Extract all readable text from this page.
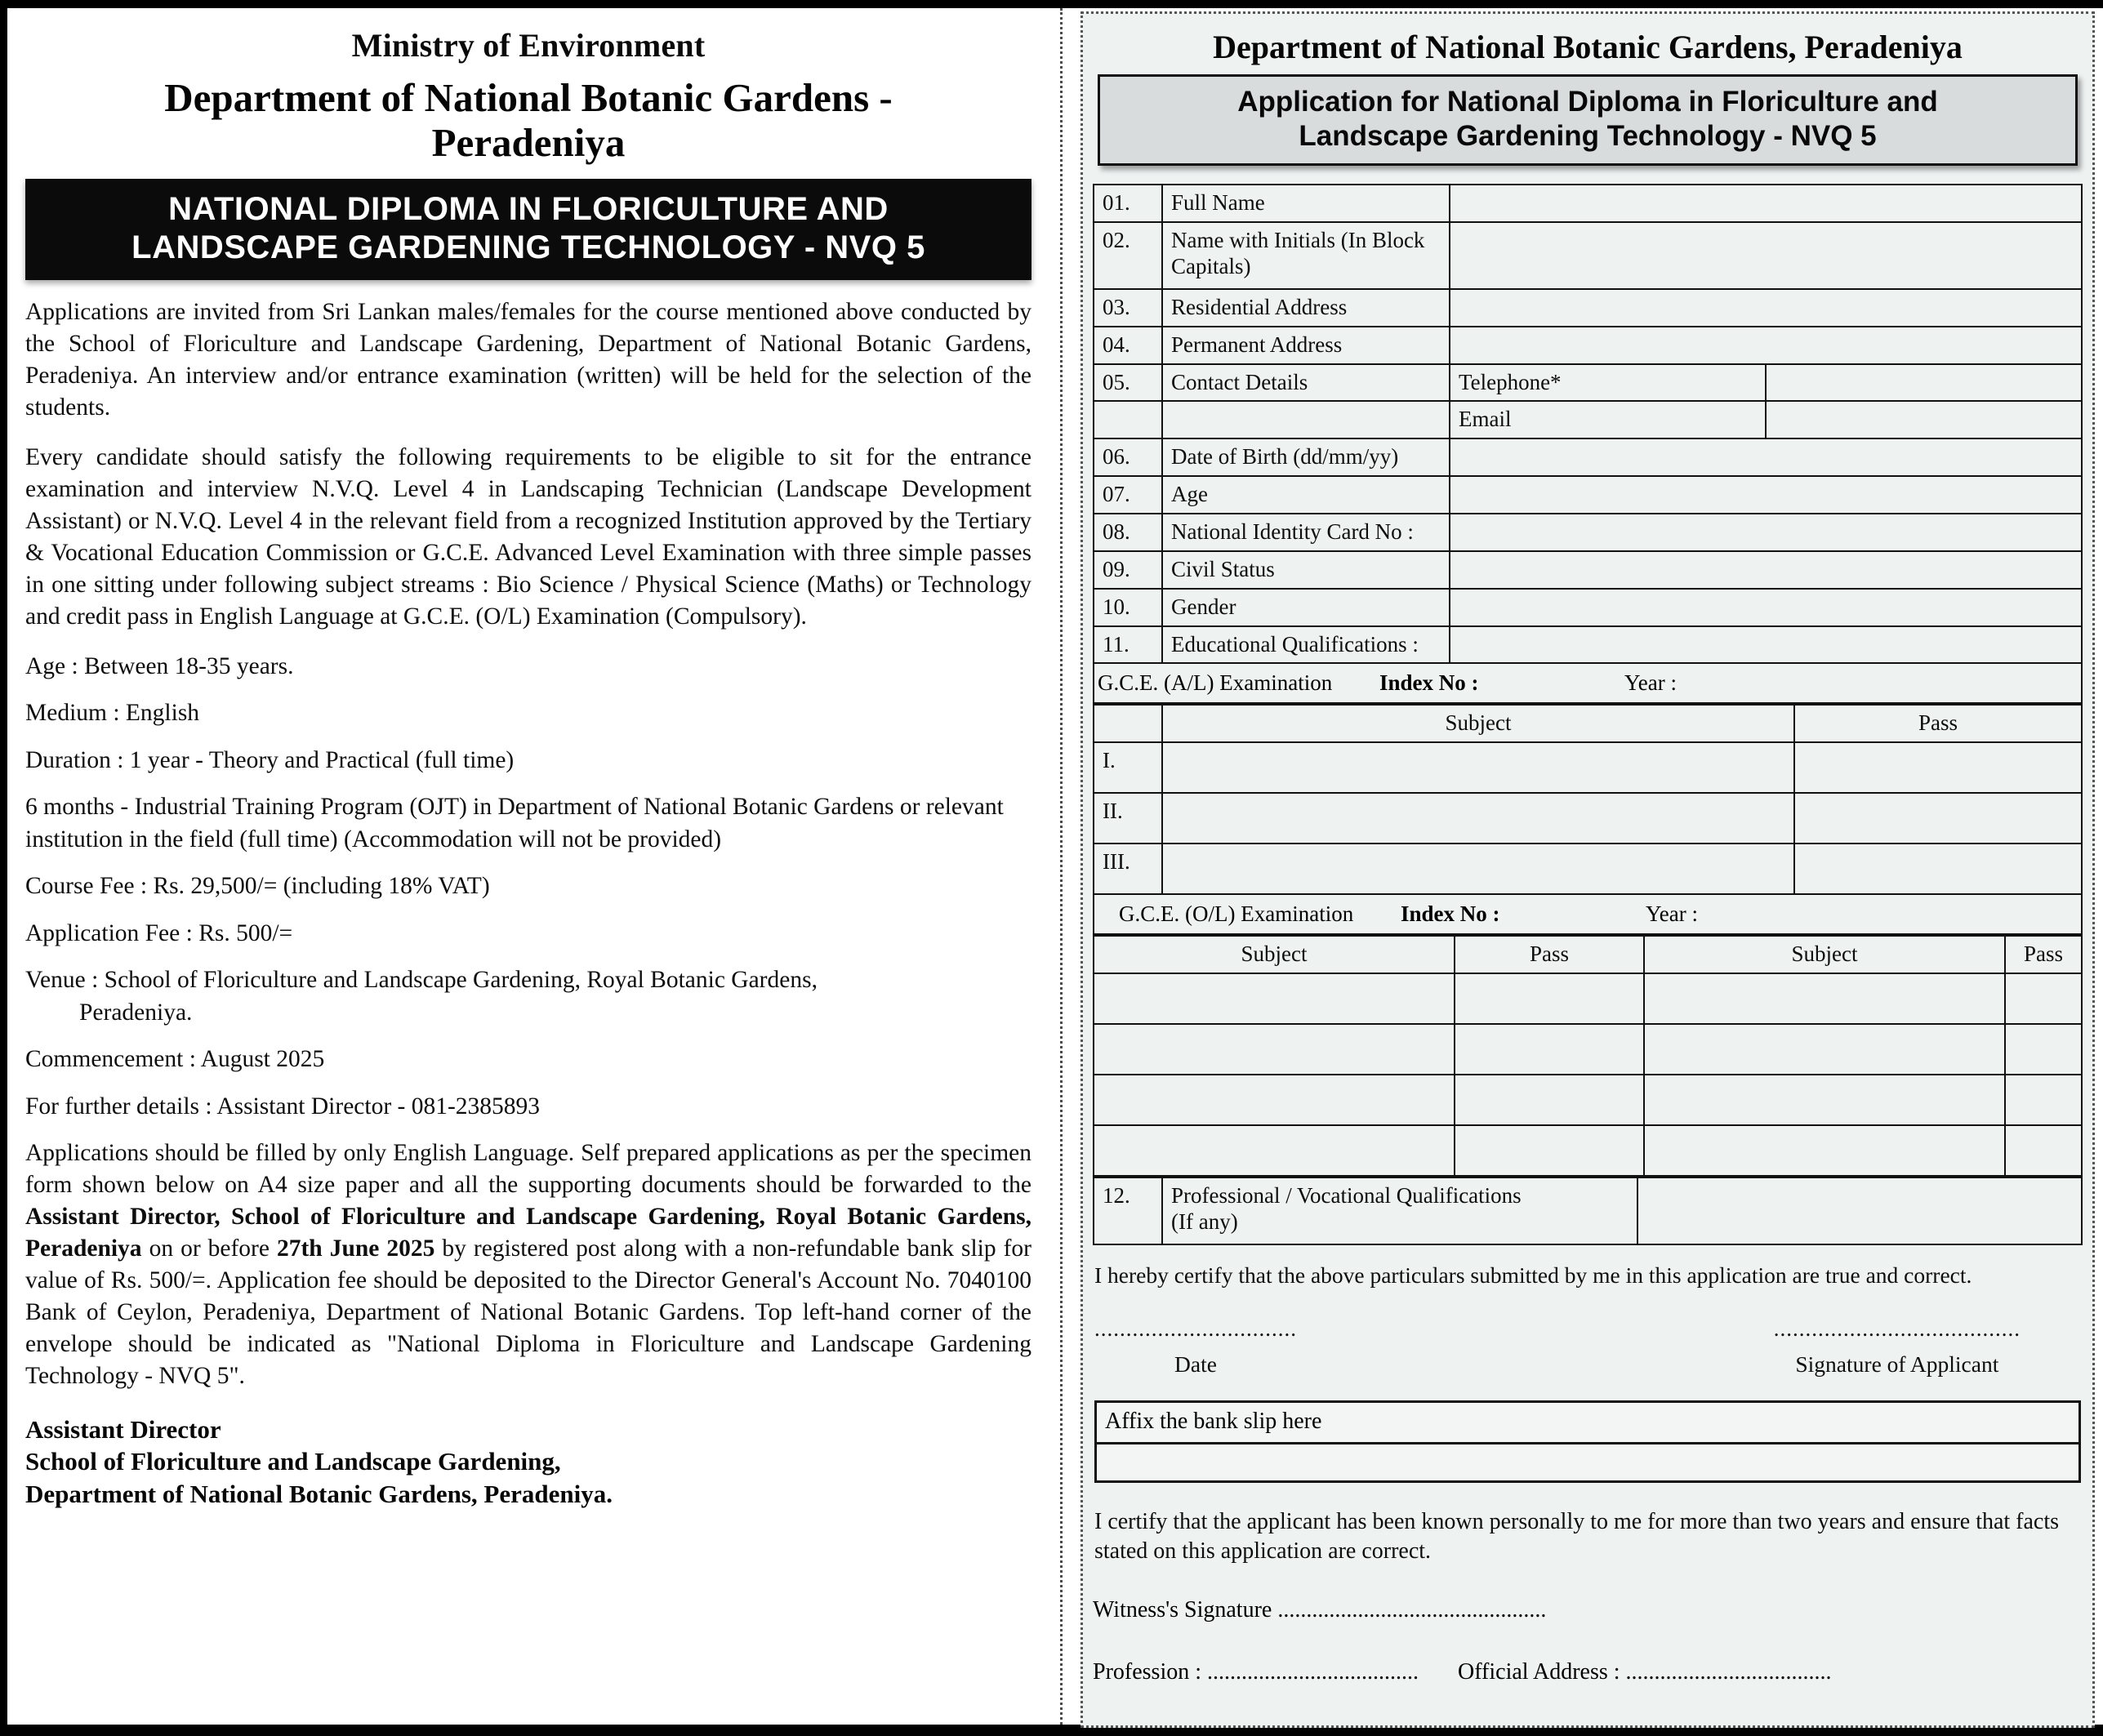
Ministry of Environment
Department of National Botanic Gardens -
Peradeniya
NATIONAL DIPLOMA IN FLORICULTURE AND
LANDSCAPE GARDENING TECHNOLOGY - NVQ 5

Applications are invited from Sri Lankan males/females for the course mentioned above conducted by the School of Floriculture and Landscape Gardening, Department of National Botanic Gardens, Peradeniya. An interview and/or entrance examination (written) will be held for the selection of the students.

Every candidate should satisfy the following requirements to be eligible to sit for the entrance examination and interview N.V.Q. Level 4 in Landscaping Technician (Landscape Development Assistant) or N.V.Q. Level 4 in the relevant field from a recognized Institution approved by the Tertiary & Vocational Education Commission or G.C.E. Advanced Level Examination with three simple passes in one sitting under following subject streams : Bio Science / Physical Science (Maths) or Technology and credit pass in English Language at G.C.E. (O/L) Examination (Compulsory).

Age : Between 18-35 years.
Medium : English
Duration : 1 year - Theory and Practical (full time)
6 months - Industrial Training Program (OJT) in Department of National Botanic Gardens or relevant institution in the field (full time) (Accommodation will not be provided)
Course Fee : Rs. 29,500/= (including 18% VAT)
Application Fee : Rs. 500/=
Venue : School of Floriculture and Landscape Gardening, Royal Botanic Gardens,
Peradeniya.
Commencement : August 2025
For further details : Assistant Director - 081-2385893

Applications should be filled by only English Language. Self prepared applications as per the specimen form shown below on A4 size paper and all the supporting documents should be forwarded to the Assistant Director, School of Floriculture and Landscape Gardening, Royal Botanic Gardens, Peradeniya on or before 27th June 2025 by registered post along with a non-refundable bank slip for value of Rs. 500/=. Application fee should be deposited to the Director General's Account No. 7040100 Bank of Ceylon, Peradeniya, Department of National Botanic Gardens. Top left-hand corner of the envelope should be indicated as "National Diploma in Floriculture and Landscape Gardening Technology - NVQ 5".

Assistant Director
School of Floriculture and Landscape Gardening,
Department of National Botanic Gardens, Peradeniya.
Department of National Botanic Gardens, Peradeniya
Application for National Diploma in Floriculture and
Landscape Gardening Technology - NVQ 5
01.	Full Name		
02.	Name with Initials (In Block Capitals)		
03.	Residential Address		
04.	Permanent Address		
05.	Contact Details	Telephone*	
		Email	
06.	Date of Birth (dd/mm/yy)		
07.	Age		
08.	National Identity Card No :		
09.	Civil Status		
10.	Gender		
11.	Educational Qualifications :		
G.C.E. (A/L) Examination Index No :	Year :
	Subject	Pass
I.		
II.		
III.		
G.C.E. (O/L) Examination Index No :	Year :
Subject	Pass	Subject	Pass

12.	Professional / Vocational Qualifications
(If any)	
I hereby certify that the above particulars submitted by me in this application are true and correct.
................................
Date
.......................................
Signature of Applicant
Affix the bank slip here
I certify that the applicant has been known personally to me for more than two years and ensure that facts stated on this application are correct.
Witness's Signature ...............................................
Profession : ..................................... Official Address : ....................................
